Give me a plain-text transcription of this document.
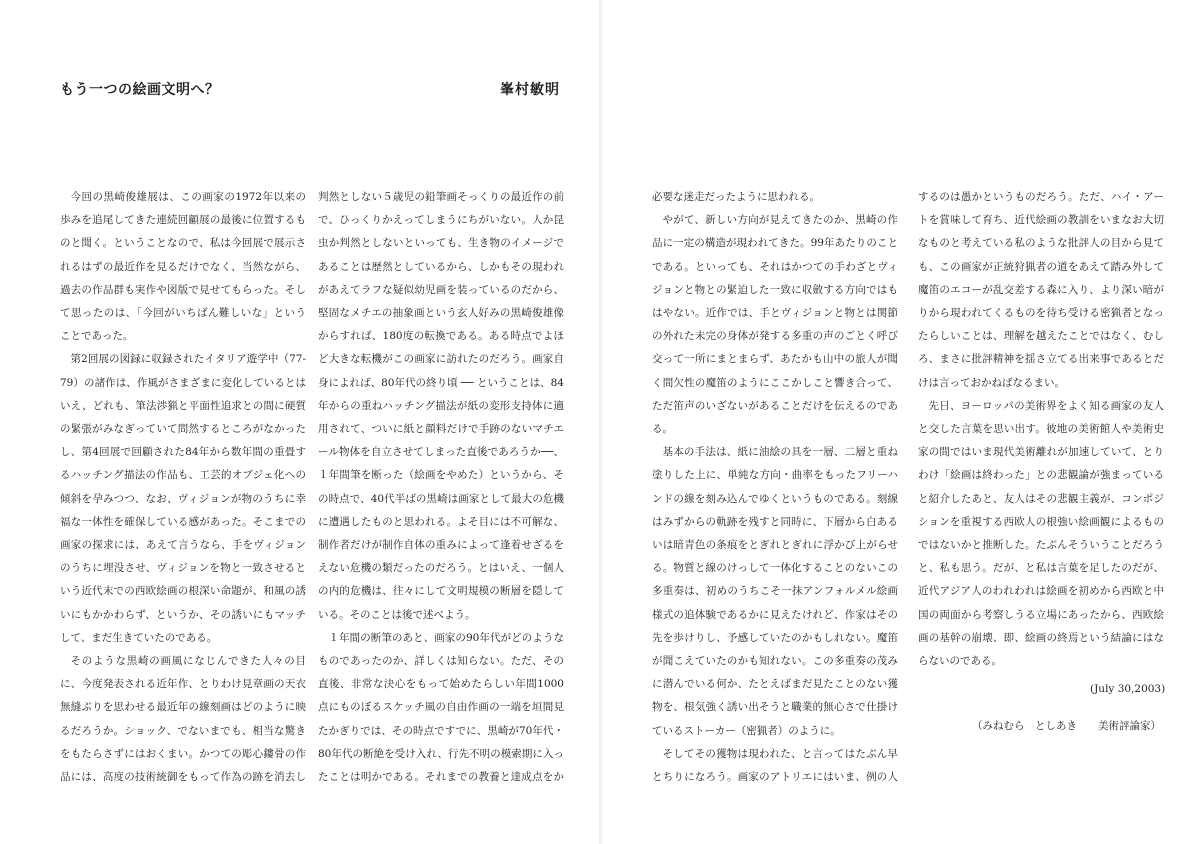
もう一つの絵画文明へ？	峯村敏明

今回の黒崎俊雄展は、この画家の1972年以来の歩みを追尾してきた連続回顧展の最後に位置するものと聞く。ということなので、私は今回展で展示されるはずの最近作を見るだけでなく、当然ながら、過去の作品群も実作や図版で見せてもらった。そして思ったのは、「今回がいちばん難しいな」ということであった。

第2回展の図録に収録されたイタリア遊学中（77-79）の諸作は、作風がさまざまに変化しているとはいえ、どれも、筆法渉猟と平面性追求との間に硬質の緊張がみなぎっていて問然するところがなかったし、第4回展で回顧された84年から数年間の重畳するハッチング描法の作品も、工芸的オブジェ化への傾斜を孕みつつ、なお、ヴィジョンが物のうちに幸福な一体性を確保している感があった。そこまでの画家の探求には、あえて言うなら、手をヴィジョンのうちに埋没させ、ヴィジョンを物と一致させるという近代末での西欧絵画の根深い命題が、和風の誘いにもかかわらず、というか、その誘いにもマッチして、まだ生きていたのである。

そのような黒崎の画風になじんできた人々の目に、今度発表される近年作、とりわけ見章画の天衣無縫ぶりを思わせる最近年の線刻画はどのように映るだろうか。ショック、でないまでも、相当な驚きをもたらさずにはおくまい。かつての彫心鏤骨の作品には、高度の技術統御をもって作為の跡を消去し

判然としない５歳児の鉛筆画そっくりの最近作の前で、ひっくりかえってしまうにちがいない。人か昆虫か判然としないといっても、生き物のイメージであることは歴然としているから、しかもその現われがあえてラフな疑似幼児画を装っているのだから、堅固なメチエの抽象画という玄人好みの黒崎俊雄像からすれば、180度の転換である。ある時点でよほど大きな転機がこの画家に訪れたのだろう。画家自身によれば、80年代の終り頃 ── ということは、84年からの重ねハッチング描法が紙の変形支持体に適用されて、ついに紙と顔料だけで手跡のないマチエール物体を自立させてしまった直後であろうか──、１年間筆を断った（絵画をやめた）というから、その時点で、40代半ばの黒崎は画家として最大の危機に遭遇したものと思われる。よそ目には不可解な、制作者だけが制作自体の重みによって逢着せざるをえない危機の類だったのだろう。とはいえ、一個人の内的危機は、往々にして文明規模の断層を隠している。そのことは後で述べよう。

１年間の断筆のあと、画家の90年代がどのようなものであったのか、詳しくは知らない。ただ、その直後、非常な決心をもって始めたらしい年間1000点にものぼるスケッチ風の自由作画の一端を垣間見たかぎりでは、その時点ですでに、黒崎が70年代・80年代の断絶を受け入れ、行先不明の模索期に入ったことは明かである。それまでの教養と達成点をか

必要な迷走だったように思われる。

やがて、新しい方向が見えてきたのか、黒崎の作品に一定の構造が現われてきた。99年あたりのことである。といっても、それはかつての手わざとヴィジョンと物との緊迫した一致に収斂する方向ではもはやない。近作では、手とヴィジョンと物とは関節の外れた未完の身体が発する多重の声のごとく呼び交って一所にまとまらず、あたかも山中の旅人が聞く間欠性の魔笛のようにここかしこと響き合って、ただ笛声のいざないがあることだけを伝えるのである。

基本の手法は、紙に油絵の具を一層、二層と重ね塗りした上に、単純な方向・曲率をもったフリーハンドの線を刻み込んでゆくというものである。刻線はみずからの軌跡を残すと同時に、下層から白あるいは暗青色の条痕をとぎれとぎれに浮かび上がらせる。物質と線のけっして一体化することのないこの多重奏は、初めのうちこそ一抹アンフォルメル絵画様式の追体験であるかに見えたけれど、作家はその先を歩けりし、予感していたのかもしれない。魔笛が聞こえていたのかも知れない。この多重奏の茂みに潜んでいる何か、たとえばまだ見たことのない獲物を、根気強く誘い出そうと職業的無心さで仕掛けているストーカー（密猟者）のように。

そしてその獲物は現われた、と言ってはたぶん早とちりになろう。画家のアトリエにはいま、例の人

するのは愚かというものだろう。ただ、ハイ・アートを賞味して育ち、近代絵画の教訓をいまなお大切なものと考えている私のような批評人の目から見ても、この画家が正統狩猟者の道をあえて踏み外して魔笛のエコーが乱交差する森に入り、より深い暗がりから現われてくるものを待ち受ける密猟者となったらしいことは、理解を越えたことではなく、むしろ、まさに批評精神を揺さ立てる出来事であるとだけは言っておかねばなるまい。

先日、ヨーロッパの美術界をよく知る画家の友人と交した言葉を思い出す。彼地の美術館人や美術史家の間ではいま現代美術離れが加速していて、とりわけ「絵画は終わった」との悲観論が強まっていると紹介したあと、友人はその悲観主義が、コンポジションを重視する西欧人の根強い絵画観によるものではないかと推断した。たぶんそういうことだろうと、私も思う。だが、と私は言葉を足したのだが、近代アジア人のわれわれは絵画を初めから西欧と中国の両面から考察しうる立場にあったから、西欧絵画の基幹の崩壊、即、絵画の終焉という結論にはならないのである。

(July 30,2003)
（みねむら　としあき　　美術評論家）
